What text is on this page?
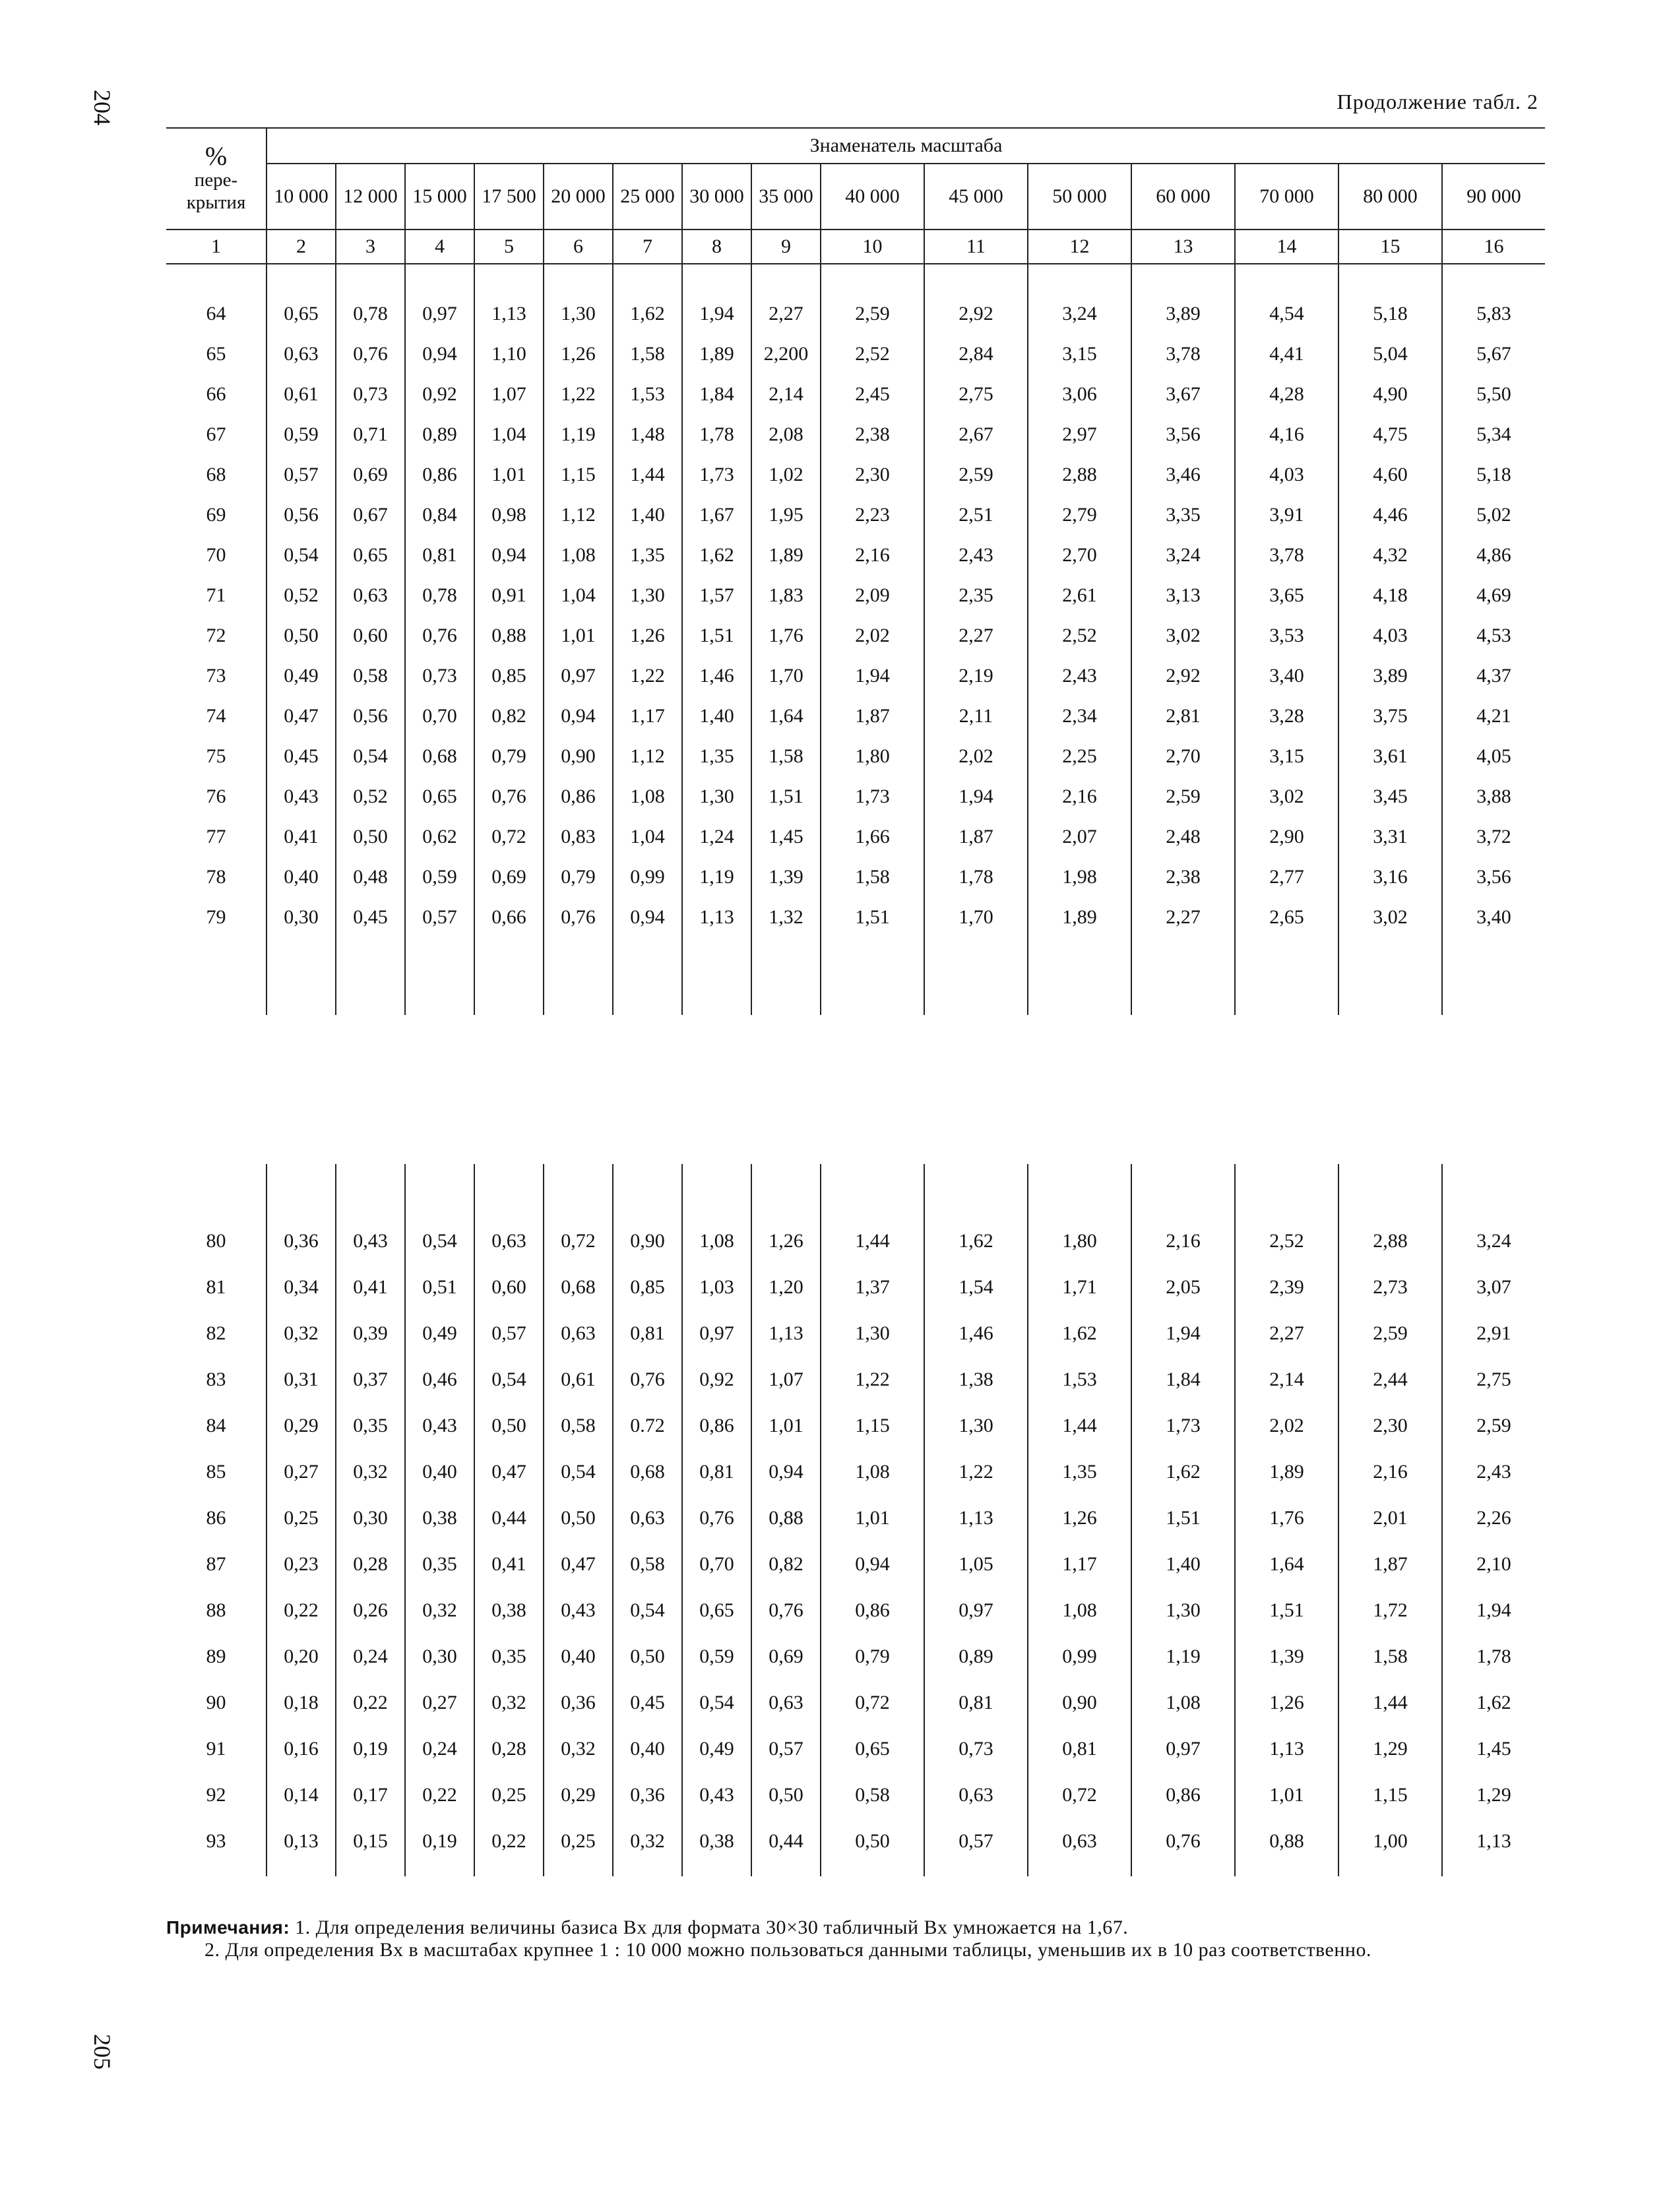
204
205
Продолжение табл. 2
%
пере-
крытия	Знаменатель масштаба														
	10 000	12 000	15 000	17 500	20 000	25 000	30 000	35 000	40 000	45 000	50 000	60 000	70 000	80 000	90 000
1	2	3	4	5	6	7	8	9	10	11	12	13	14	15	16

64	0,65	0,78	0,97	1,13	1,30	1,62	1,94	2,27	2,59	2,92	3,24	3,89	4,54	5,18	5,83
65	0,63	0,76	0,94	1,10	1,26	1,58	1,89	2,200	2,52	2,84	3,15	3,78	4,41	5,04	5,67
66	0,61	0,73	0,92	1,07	1,22	1,53	1,84	2,14	2,45	2,75	3,06	3,67	4,28	4,90	5,50
67	0,59	0,71	0,89	1,04	1,19	1,48	1,78	2,08	2,38	2,67	2,97	3,56	4,16	4,75	5,34
68	0,57	0,69	0,86	1,01	1,15	1,44	1,73	1,02	2,30	2,59	2,88	3,46	4,03	4,60	5,18
69	0,56	0,67	0,84	0,98	1,12	1,40	1,67	1,95	2,23	2,51	2,79	3,35	3,91	4,46	5,02
70	0,54	0,65	0,81	0,94	1,08	1,35	1,62	1,89	2,16	2,43	2,70	3,24	3,78	4,32	4,86
71	0,52	0,63	0,78	0,91	1,04	1,30	1,57	1,83	2,09	2,35	2,61	3,13	3,65	4,18	4,69
72	0,50	0,60	0,76	0,88	1,01	1,26	1,51	1,76	2,02	2,27	2,52	3,02	3,53	4,03	4,53
73	0,49	0,58	0,73	0,85	0,97	1,22	1,46	1,70	1,94	2,19	2,43	2,92	3,40	3,89	4,37
74	0,47	0,56	0,70	0,82	0,94	1,17	1,40	1,64	1,87	2,11	2,34	2,81	3,28	3,75	4,21
75	0,45	0,54	0,68	0,79	0,90	1,12	1,35	1,58	1,80	2,02	2,25	2,70	3,15	3,61	4,05
76	0,43	0,52	0,65	0,76	0,86	1,08	1,30	1,51	1,73	1,94	2,16	2,59	3,02	3,45	3,88
77	0,41	0,50	0,62	0,72	0,83	1,04	1,24	1,45	1,66	1,87	2,07	2,48	2,90	3,31	3,72
78	0,40	0,48	0,59	0,69	0,79	0,99	1,19	1,39	1,58	1,78	1,98	2,38	2,77	3,16	3,56
79	0,30	0,45	0,57	0,66	0,76	0,94	1,13	1,32	1,51	1,70	1,89	2,27	2,65	3,02	3,40

80	0,36	0,43	0,54	0,63	0,72	0,90	1,08	1,26	1,44	1,62	1,80	2,16	2,52	2,88	3,24
81	0,34	0,41	0,51	0,60	0,68	0,85	1,03	1,20	1,37	1,54	1,71	2,05	2,39	2,73	3,07
82	0,32	0,39	0,49	0,57	0,63	0,81	0,97	1,13	1,30	1,46	1,62	1,94	2,27	2,59	2,91
83	0,31	0,37	0,46	0,54	0,61	0,76	0,92	1,07	1,22	1,38	1,53	1,84	2,14	2,44	2,75
84	0,29	0,35	0,43	0,50	0,58	0.72	0,86	1,01	1,15	1,30	1,44	1,73	2,02	2,30	2,59
85	0,27	0,32	0,40	0,47	0,54	0,68	0,81	0,94	1,08	1,22	1,35	1,62	1,89	2,16	2,43
86	0,25	0,30	0,38	0,44	0,50	0,63	0,76	0,88	1,01	1,13	1,26	1,51	1,76	2,01	2,26
87	0,23	0,28	0,35	0,41	0,47	0,58	0,70	0,82	0,94	1,05	1,17	1,40	1,64	1,87	2,10
88	0,22	0,26	0,32	0,38	0,43	0,54	0,65	0,76	0,86	0,97	1,08	1,30	1,51	1,72	1,94
89	0,20	0,24	0,30	0,35	0,40	0,50	0,59	0,69	0,79	0,89	0,99	1,19	1,39	1,58	1,78
90	0,18	0,22	0,27	0,32	0,36	0,45	0,54	0,63	0,72	0,81	0,90	1,08	1,26	1,44	1,62
91	0,16	0,19	0,24	0,28	0,32	0,40	0,49	0,57	0,65	0,73	0,81	0,97	1,13	1,29	1,45
92	0,14	0,17	0,22	0,25	0,29	0,36	0,43	0,50	0,58	0,63	0,72	0,86	1,01	1,15	1,29
93	0,13	0,15	0,19	0,22	0,25	0,32	0,38	0,44	0,50	0,57	0,63	0,76	0,88	1,00	1,13

Примечания: 1. Для определения величины базиса Bx для формата 30×30 табличный Bx умножается на 1,67.

2. Для определения Bx в масштабах крупнее 1 : 10 000 можно пользоваться данными таблицы, уменьшив их в 10 раз соответственно.
